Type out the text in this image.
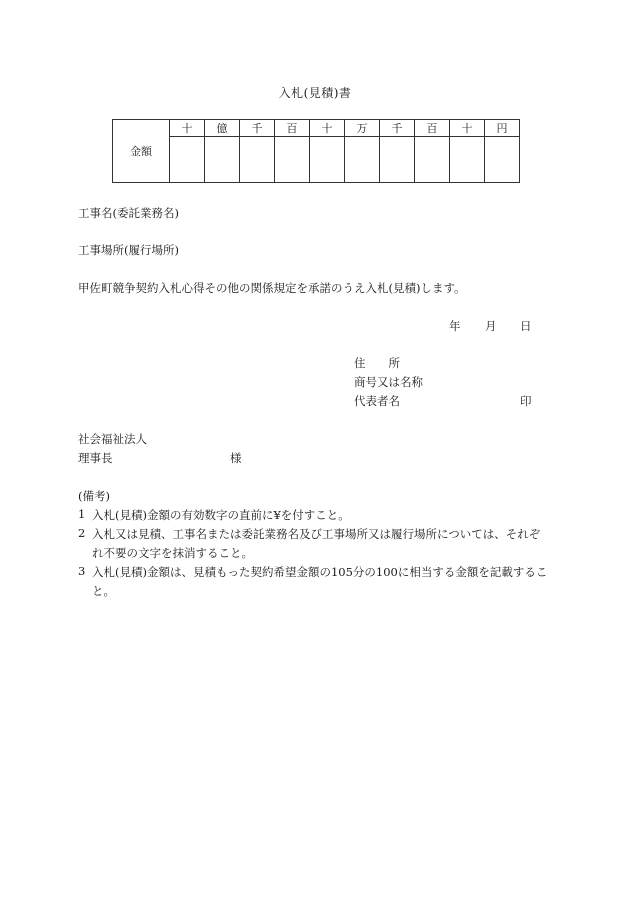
入札(見積)書
金額	十	億	千	百	十	万	千	百	十	円

工事名(委託業務名)
工事場所(履行場所)
甲佐町競争契約入札心得その他の関係規定を承諾のうえ入札(見積)します。
年 月 日
住　　所
商号又は名称
代表者名	印
社会福祉法人
理事長	様
(備考)
1 入札(見積)金額の有効数字の直前に¥を付すこと。
2 入札又は見積、工事名または委託業務名及び工事場所又は履行場所については、それぞ
れ不要の文字を抹消すること。
3 入札(見積)金額は、見積もった契約希望金額の105分の100に相当する金額を記載するこ
と。
